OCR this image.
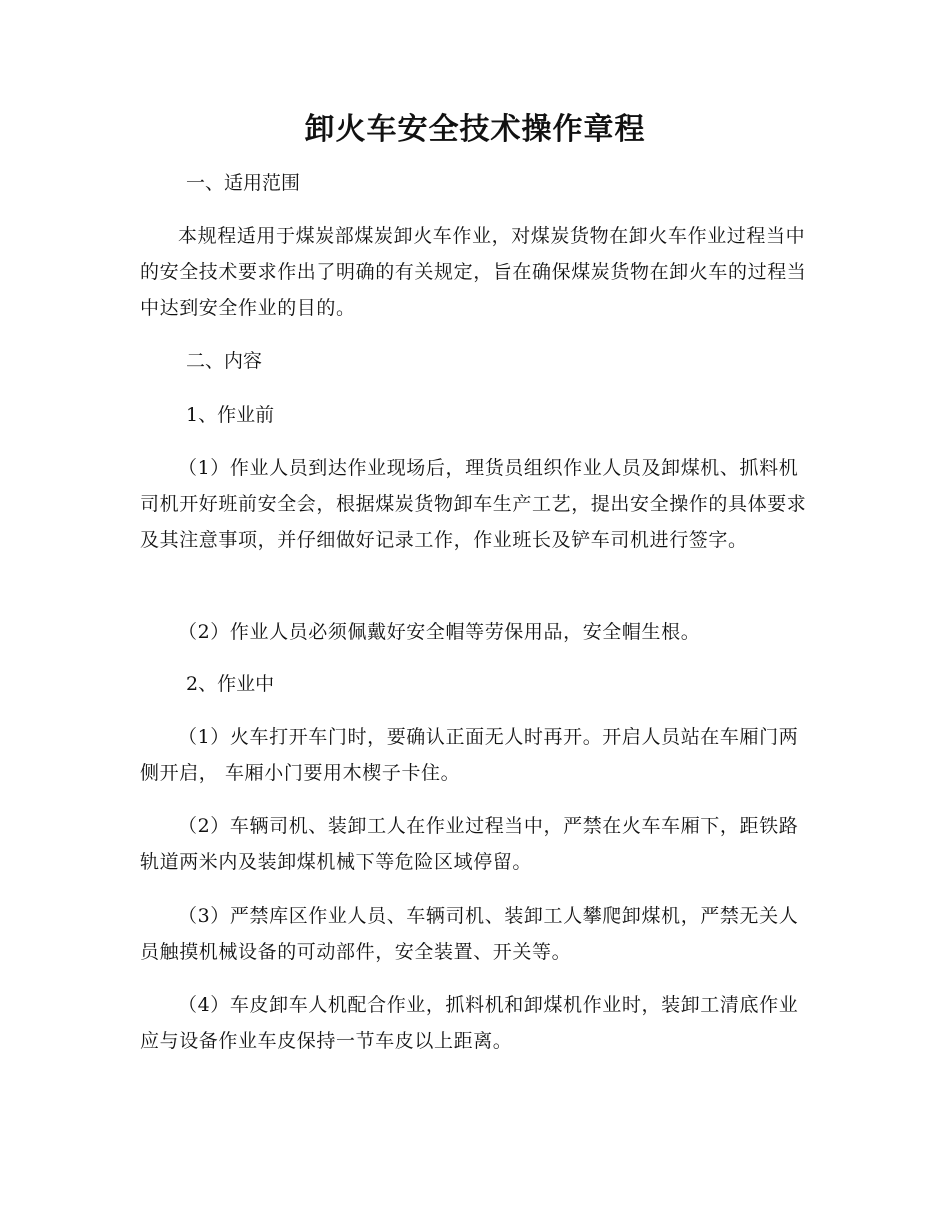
卸火车安全技术操作章程

一、适用范围

本规程适用于煤炭部煤炭卸火车作业，对煤炭货物在卸火车作业过程当中的安全技术要求作出了明确的有关规定，旨在确保煤炭货物在卸火车的过程当中达到安全作业的目的。

二、内容

1、作业前

（1）作业人员到达作业现场后，理货员组织作业人员及卸煤机、抓料机司机开好班前安全会，根据煤炭货物卸车生产工艺，提出安全操作的具体要求及其注意事项，并仔细做好记录工作，作业班长及铲车司机进行签字。

（2）作业人员必须佩戴好安全帽等劳保用品，安全帽生根。

2、作业中

（1）火车打开车门时，要确认正面无人时再开。开启人员站在车厢门两侧开启， 车厢小门要用木楔子卡住。

（2）车辆司机、装卸工人在作业过程当中，严禁在火车车厢下，距铁路轨道两米内及装卸煤机械下等危险区域停留。

（3）严禁库区作业人员、车辆司机、装卸工人攀爬卸煤机，严禁无关人员触摸机械设备的可动部件，安全装置、开关等。

（4）车皮卸车人机配合作业，抓料机和卸煤机作业时，装卸工清底作业应与设备作业车皮保持一节车皮以上距离。
